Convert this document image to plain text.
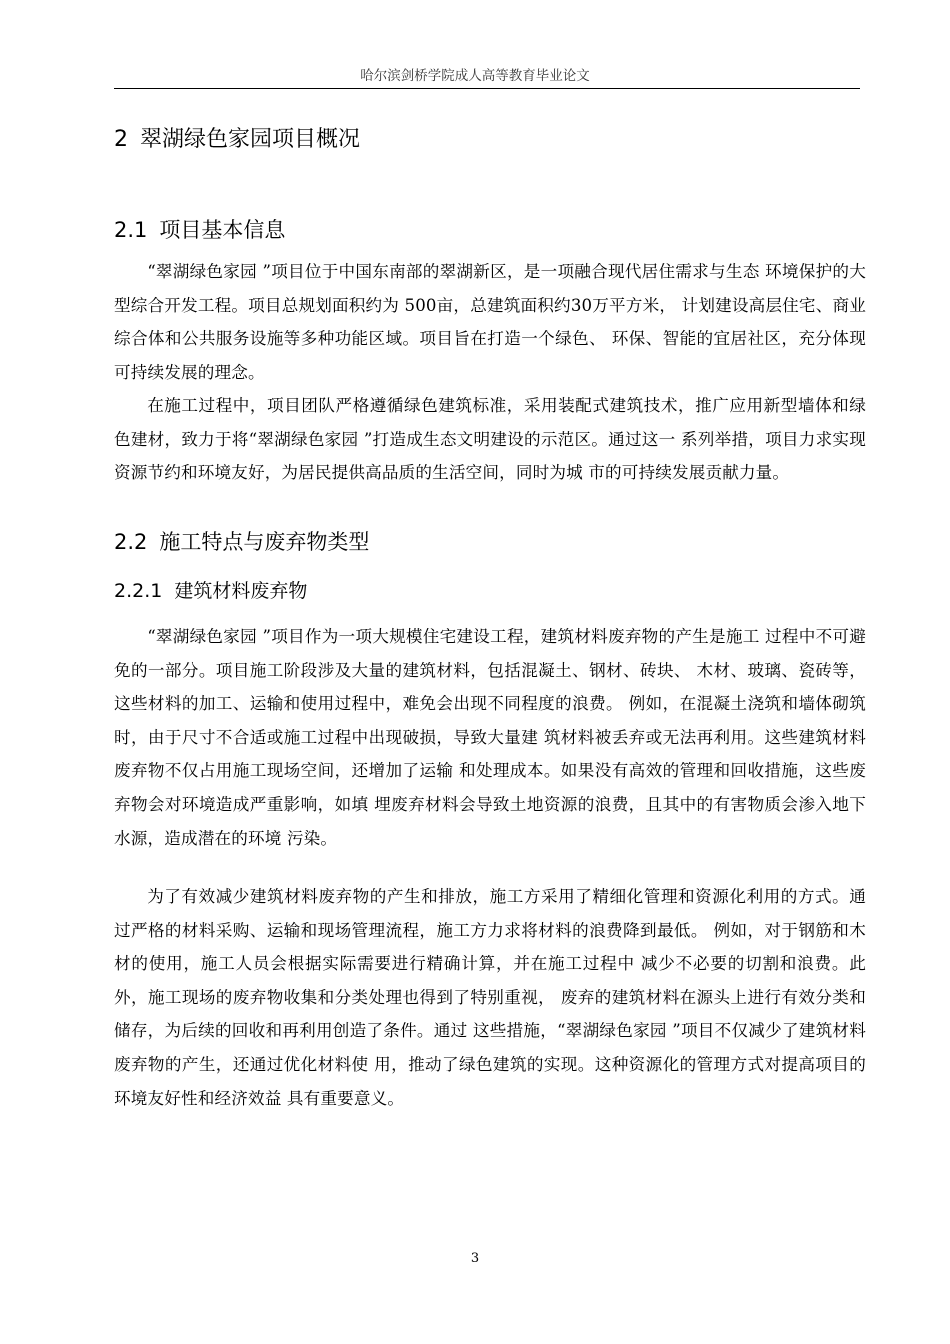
哈尔滨剑桥学院成人高等教育毕业论文
2 翠湖绿色家园项目概况
2.1 项目基本信息

“翠湖绿色家园 ”项目位于中国东南部的翠湖新区，是一项融合现代居住需求与生态 环境保护的大型综合开发工程。项目总规划面积约为 500亩，总建筑面积约30万平方米， 计划建设高层住宅、商业综合体和公共服务设施等多种功能区域。项目旨在打造一个绿色、 环保、智能的宜居社区，充分体现可持续发展的理念。

在施工过程中，项目团队严格遵循绿色建筑标准，采用装配式建筑技术，推广应用新型墙体和绿色建材，致力于将“翠湖绿色家园 ”打造成生态文明建设的示范区。通过这一 系列举措，项目力求实现资源节约和环境友好，为居民提供高品质的生活空间，同时为城 市的可持续发展贡献力量。

2.2 施工特点与废弃物类型
2.2.1 建筑材料废弃物

“翠湖绿色家园 ”项目作为一项大规模住宅建设工程，建筑材料废弃物的产生是施工 过程中不可避免的一部分。项目施工阶段涉及大量的建筑材料，包括混凝土、钢材、砖块、 木材、玻璃、瓷砖等，这些材料的加工、运输和使用过程中，难免会出现不同程度的浪费。 例如，在混凝土浇筑和墙体砌筑时，由于尺寸不合适或施工过程中出现破损，导致大量建 筑材料被丢弃或无法再利用。这些建筑材料废弃物不仅占用施工现场空间，还增加了运输 和处理成本。如果没有高效的管理和回收措施，这些废弃物会对环境造成严重影响，如填 埋废弃材料会导致土地资源的浪费，且其中的有害物质会渗入地下水源，造成潜在的环境 污染。

为了有效减少建筑材料废弃物的产生和排放，施工方采用了精细化管理和资源化利用的方式。通过严格的材料采购、运输和现场管理流程，施工方力求将材料的浪费降到最低。 例如，对于钢筋和木材的使用，施工人员会根据实际需要进行精确计算，并在施工过程中 减少不必要的切割和浪费。此外，施工现场的废弃物收集和分类处理也得到了特别重视， 废弃的建筑材料在源头上进行有效分类和储存，为后续的回收和再利用创造了条件。通过 这些措施，“翠湖绿色家园 ”项目不仅减少了建筑材料废弃物的产生，还通过优化材料使 用，推动了绿色建筑的实现。这种资源化的管理方式对提高项目的环境友好性和经济效益 具有重要意义。

3
